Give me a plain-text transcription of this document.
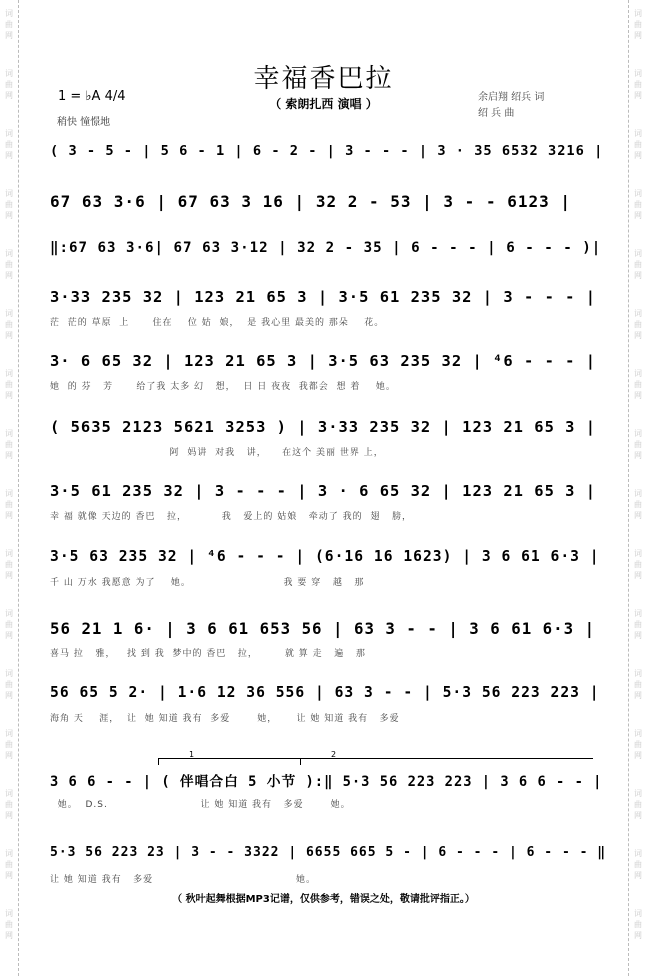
词
曲
网
词
曲
网
词
曲
网
词
曲
网
词
曲
网
词
曲
网
词
曲
网
词
曲
网
词
曲
网
词
曲
网
词
曲
网
词
曲
网
词
曲
网
词
曲
网
词
曲
网
词
曲
网
词
曲
网
词
曲
网
词
曲
网
词
曲
网
词
曲
网
词
曲
网
词
曲
网
词
曲
网
词
曲
网
词
曲
网
词
曲
网
词
曲
网
词
曲
网
词
曲
网
词
曲
网
词
曲
网
幸福香巴拉
（ 索朗扎西 演唱 ）
1 = ♭A 4/4
稍快 憧憬地
余启翔 绍兵 词
绍 兵 曲
1	2
( 3 - 5 - | 5 6 - 1 | 6 - 2 - | 3 - - - | 3 · 35 6532 3216 |
67 63 3·6 | 67 63 3 16 | 32 2 - 53 | 3 - - 6123 |
‖:67 63 3·6| 67 63 3·12 | 32 2 - 35 | 6 - - - | 6 - - - )|
3·33 235 32 | 123 21 65 3 | 3·5 61 235 32 | 3 - - - |
茫  茫的 草原  上      住在    位 姑  娘，  是 我心里 最美的 那朵    花。
3· 6 65 32 | 123 21 65 3 | 3·5 63 235 32 | ⁴6 - - - |
她  的 芬   芳      给了我 太多 幻   想，  日 日 夜夜  我都会  想 着    她。
( 5635 2123 5621 3253 ) | 3·33 235 32 | 123 21 65 3 |
阿  妈讲  对我   讲，    在这个 美丽 世界 上，
3·5 61 235 32 | 3 - - - | 3 · 6 65 32 | 123 21 65 3 |
幸 福 就像 天边的 香巴   拉，         我   爱上的 姑娘   牵动了 我的  翅   膀，
3·5 63 235 32 | ⁴6 - - - | (6·16 16 1623) | 3 6 61 6·3 |
千 山 万水 我愿意 为了    她。                        我 要 穿   越   那
56 21 1 6· | 3 6 61 653 56 | 63 3 - - | 3 6 61 6·3 |
喜马 拉   雅，   找 到 我  梦中的 香巴   拉，       就 算 走   遍   那
56 65 5 2· | 1·6 12 36 556 | 63 3 - - | 5·3 56 223 223 |
海角 天    涯，  让  她 知道 我有  多爱       她，     让 她 知道 我有   多爱
3 6 6 - - | ( 伴唱合白 5 小节 ):‖ 5·3 56 223 223 | 3 6 6 - - |
她。  D.S.                        让 她 知道 我有   多爱       她。
5·3 56 223 23 | 3 - - 3322 | 6655 665 5 - | 6 - - - | 6 - - - ‖
让 她 知道 我有   多爱                                     她。
（ 秋叶起舞根据MP3记谱，仅供参考，错误之处，敬请批评指正。）
